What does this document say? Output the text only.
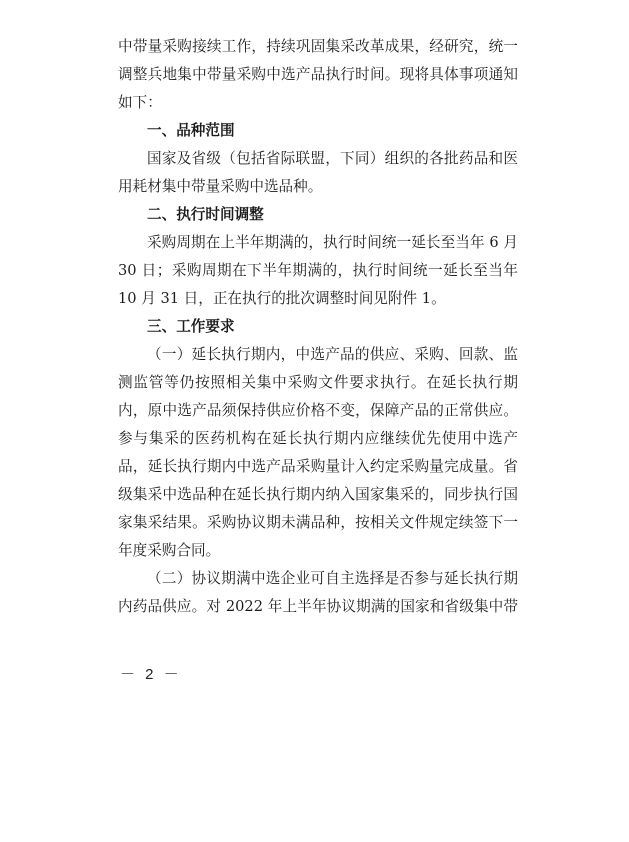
中带量采购接续工作，持续巩固集采改革成果，经研究，统一
调整兵地集中带量采购中选产品执行时间。现将具体事项通知
如下：
一、品种范围
国家及省级（包括省际联盟，下同）组织的各批药品和医
用耗材集中带量采购中选品种。
二、执行时间调整
采购周期在上半年期满的，执行时间统一延长至当年 6 月
30 日；采购周期在下半年期满的，执行时间统一延长至当年
10 月 31 日，正在执行的批次调整时间见附件 1。
三、工作要求
（一）延长执行期内，中选产品的供应、采购、回款、监
测监管等仍按照相关集中采购文件要求执行。在延长执行期
内，原中选产品须保持供应价格不变，保障产品的正常供应。
参与集采的医药机构在延长执行期内应继续优先使用中选产
品，延长执行期内中选产品采购量计入约定采购量完成量。省
级集采中选品种在延长执行期内纳入国家集采的，同步执行国
家集采结果。采购协议期未满品种，按相关文件规定续签下一
年度采购合同。
（二）协议期满中选企业可自主选择是否参与延长执行期
内药品供应。对 2022 年上半年协议期满的国家和省级集中带
－ 2 －
